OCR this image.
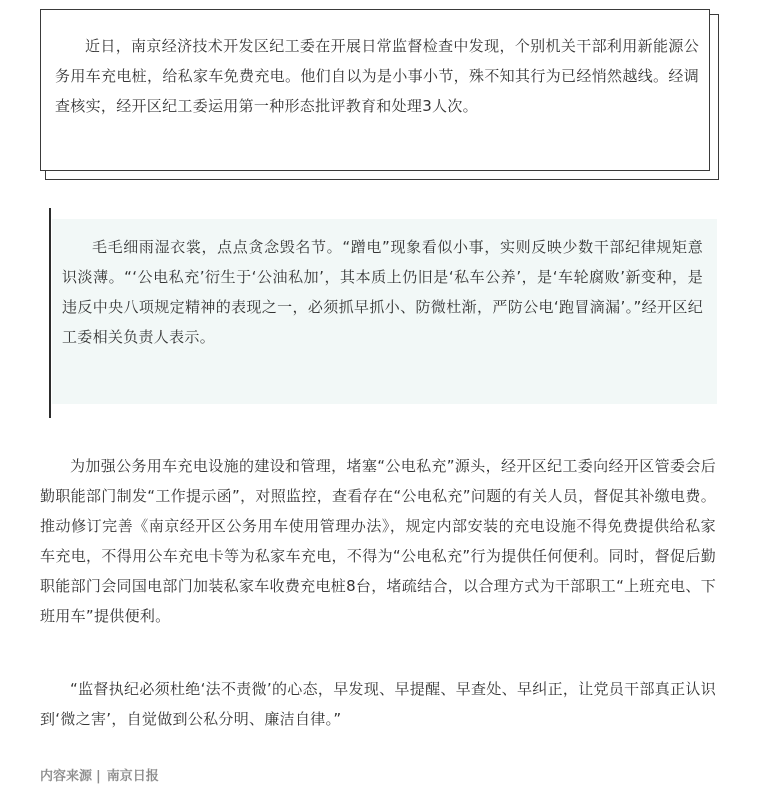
近日，南京经济技术开发区纪工委在开展日常监督检查中发现，个别机关干部利用新能源公务用车充电桩，给私家车免费充电。他们自以为是小事小节，殊不知其行为已经悄然越线。经调查核实，经开区纪工委运用第一种形态批评教育和处理3人次。

毛毛细雨湿衣裳，点点贪念毁名节。“蹭电”现象看似小事，实则反映少数干部纪律规矩意识淡薄。“‘公电私充’衍生于‘公油私加’，其本质上仍旧是‘私车公养’，是‘车轮腐败’新变种，是违反中央八项规定精神的表现之一，必须抓早抓小、防微杜渐，严防公电‘跑冒滴漏’。”经开区纪工委相关负责人表示。

为加强公务用车充电设施的建设和管理，堵塞“公电私充”源头，经开区纪工委向经开区管委会后勤职能部门制发“工作提示函”，对照监控，查看存在“公电私充”问题的有关人员，督促其补缴电费。推动修订完善《南京经开区公务用车使用管理办法》，规定内部安装的充电设施不得免费提供给私家车充电，不得用公车充电卡等为私家车充电，不得为“公电私充”行为提供任何便利。同时，督促后勤职能部门会同国电部门加装私家车收费充电桩8台，堵疏结合，以合理方式为干部职工“上班充电、下班用车”提供便利。

“监督执纪必须杜绝‘法不责微’的心态，早发现、早提醒、早查处、早纠正，让党员干部真正认识到‘微之害’，自觉做到公私分明、廉洁自律。”

内容来源 | 南京日报
